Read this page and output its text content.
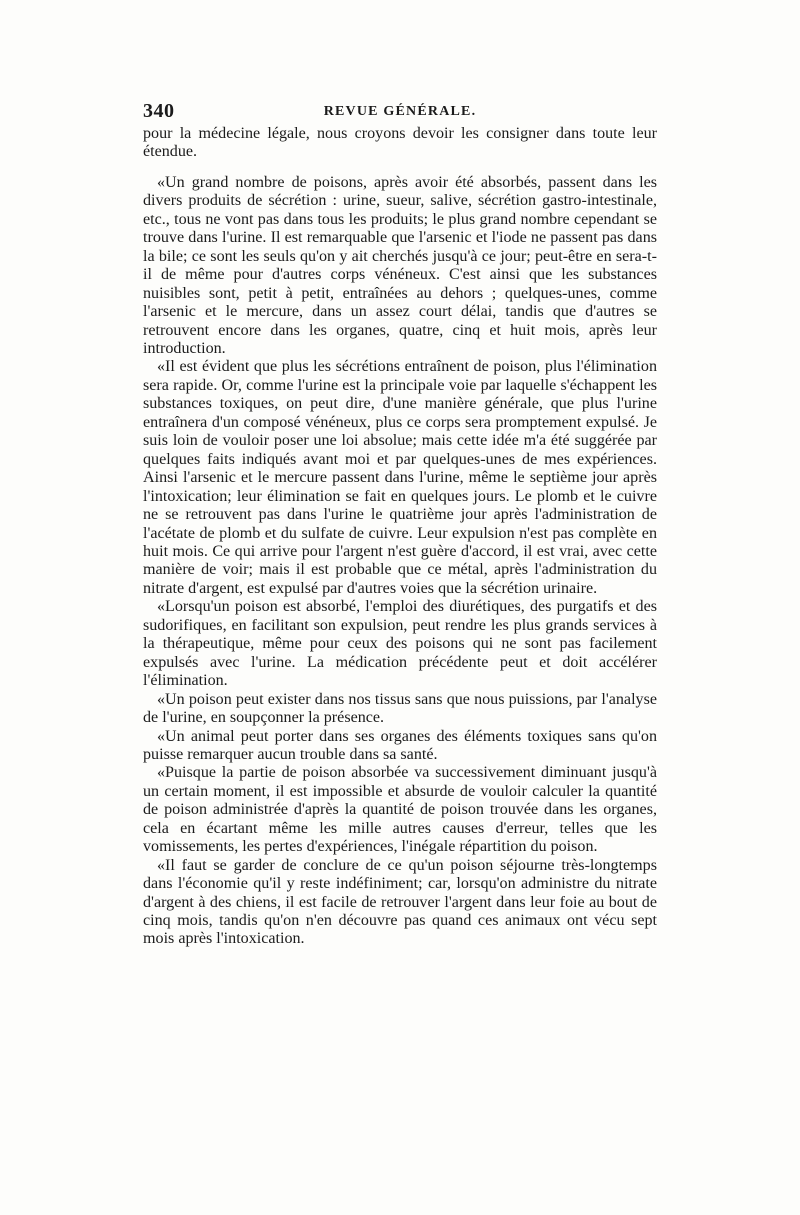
340	REVUE GÉNÉRALE.

pour la médecine légale, nous croyons devoir les consigner dans toute leur étendue.

«Un grand nombre de poisons, après avoir été absorbés, passent dans les divers produits de sécrétion : urine, sueur, salive, sécrétion gastro-intestinale, etc., tous ne vont pas dans tous les produits; le plus grand nombre cependant se trouve dans l'urine. Il est remarquable que l'arsenic et l'iode ne passent pas dans la bile; ce sont les seuls qu'on y ait cherchés jusqu'à ce jour; peut-être en sera-t-il de même pour d'autres corps vénéneux. C'est ainsi que les substances nuisibles sont, petit à petit, entraînées au dehors ; quelques-unes, comme l'arsenic et le mercure, dans un assez court délai, tandis que d'autres se retrouvent encore dans les organes, quatre, cinq et huit mois, après leur introduction.

«Il est évident que plus les sécrétions entraînent de poison, plus l'élimination sera rapide. Or, comme l'urine est la principale voie par laquelle s'échappent les substances toxiques, on peut dire, d'une manière générale, que plus l'urine entraînera d'un composé vénéneux, plus ce corps sera promptement expulsé. Je suis loin de vouloir poser une loi absolue; mais cette idée m'a été suggérée par quelques faits indiqués avant moi et par quelques-unes de mes expériences. Ainsi l'arsenic et le mercure passent dans l'urine, même le septième jour après l'intoxication; leur élimination se fait en quelques jours. Le plomb et le cuivre ne se retrouvent pas dans l'urine le quatrième jour après l'administration de l'acétate de plomb et du sulfate de cuivre. Leur expulsion n'est pas complète en huit mois. Ce qui arrive pour l'argent n'est guère d'accord, il est vrai, avec cette manière de voir; mais il est probable que ce métal, après l'administration du nitrate d'argent, est expulsé par d'autres voies que la sécrétion urinaire.

«Lorsqu'un poison est absorbé, l'emploi des diurétiques, des purgatifs et des sudorifiques, en facilitant son expulsion, peut rendre les plus grands services à la thérapeutique, même pour ceux des poisons qui ne sont pas facilement expulsés avec l'urine. La médication précédente peut et doit accélérer l'élimination.

«Un poison peut exister dans nos tissus sans que nous puissions, par l'analyse de l'urine, en soupçonner la présence.

«Un animal peut porter dans ses organes des éléments toxiques sans qu'on puisse remarquer aucun trouble dans sa santé.

«Puisque la partie de poison absorbée va successivement diminuant jusqu'à un certain moment, il est impossible et absurde de vouloir calculer la quantité de poison administrée d'après la quantité de poison trouvée dans les organes, cela en écartant même les mille autres causes d'erreur, telles que les vomissements, les pertes d'expériences, l'inégale répartition du poison.

«Il faut se garder de conclure de ce qu'un poison séjourne très-longtemps dans l'économie qu'il y reste indéfiniment; car, lorsqu'on administre du nitrate d'argent à des chiens, il est facile de retrouver l'argent dans leur foie au bout de cinq mois, tandis qu'on n'en découvre pas quand ces animaux ont vécu sept mois après l'intoxication.
